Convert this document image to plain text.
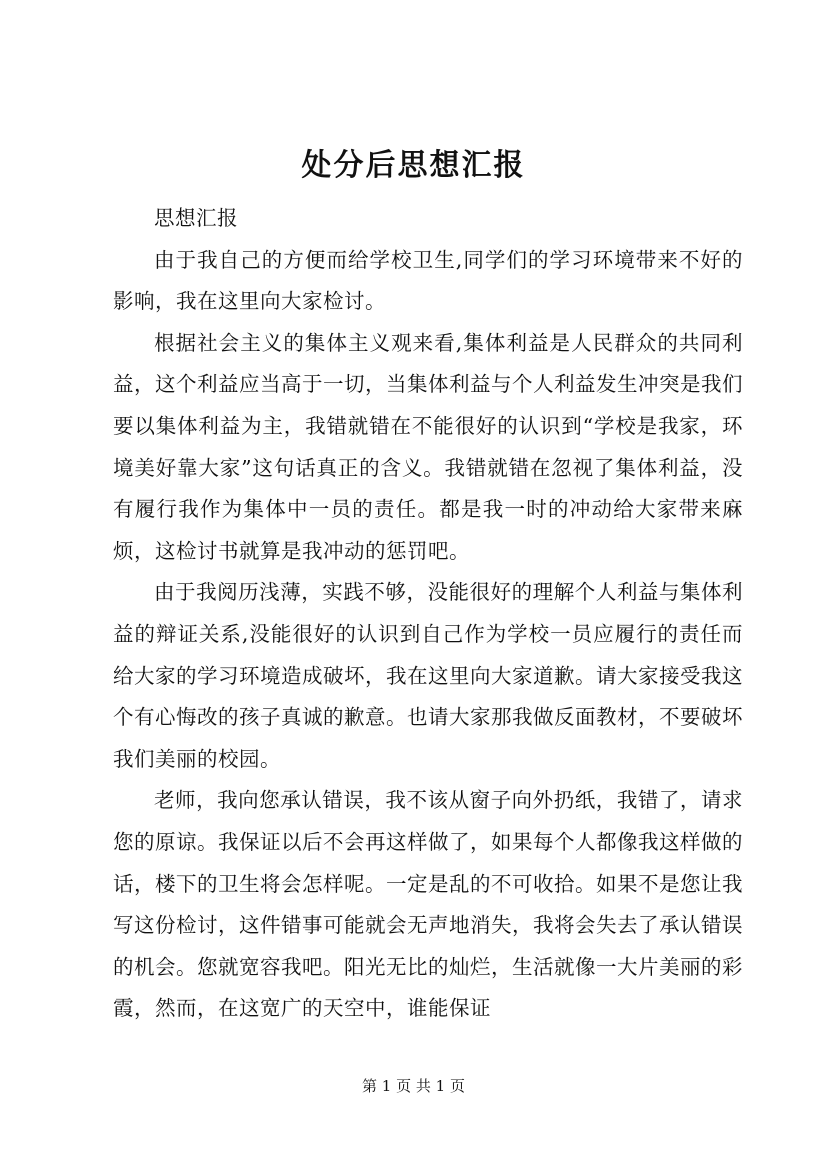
处分后思想汇报

思想汇报

由于我自己的方便而给学校卫生,同学们的学习环境带来不好的影响，我在这里向大家检讨。

根据社会主义的集体主义观来看,集体利益是人民群众的共同利益，这个利益应当高于一切，当集体利益与个人利益发生冲突是我们要以集体利益为主，我错就错在不能很好的认识到“学校是我家，环境美好靠大家”这句话真正的含义。我错就错在忽视了集体利益，没有履行我作为集体中一员的责任。都是我一时的冲动给大家带来麻烦，这检讨书就算是我冲动的惩罚吧。

由于我阅历浅薄，实践不够，没能很好的理解个人利益与集体利益的辩证关系,没能很好的认识到自己作为学校一员应履行的责任而给大家的学习环境造成破坏，我在这里向大家道歉。请大家接受我这个有心悔改的孩子真诚的歉意。也请大家那我做反面教材，不要破坏我们美丽的校园。

老师，我向您承认错误，我不该从窗子向外扔纸，我错了，请求您的原谅。我保证以后不会再这样做了，如果每个人都像我这样做的话，楼下的卫生将会怎样呢。一定是乱的不可收拾。如果不是您让我写这份检讨，这件错事可能就会无声地消失，我将会失去了承认错误的机会。您就宽容我吧。阳光无比的灿烂，生活就像一大片美丽的彩霞，然而，在这宽广的天空中，谁能保证

第 1 页 共 1 页
